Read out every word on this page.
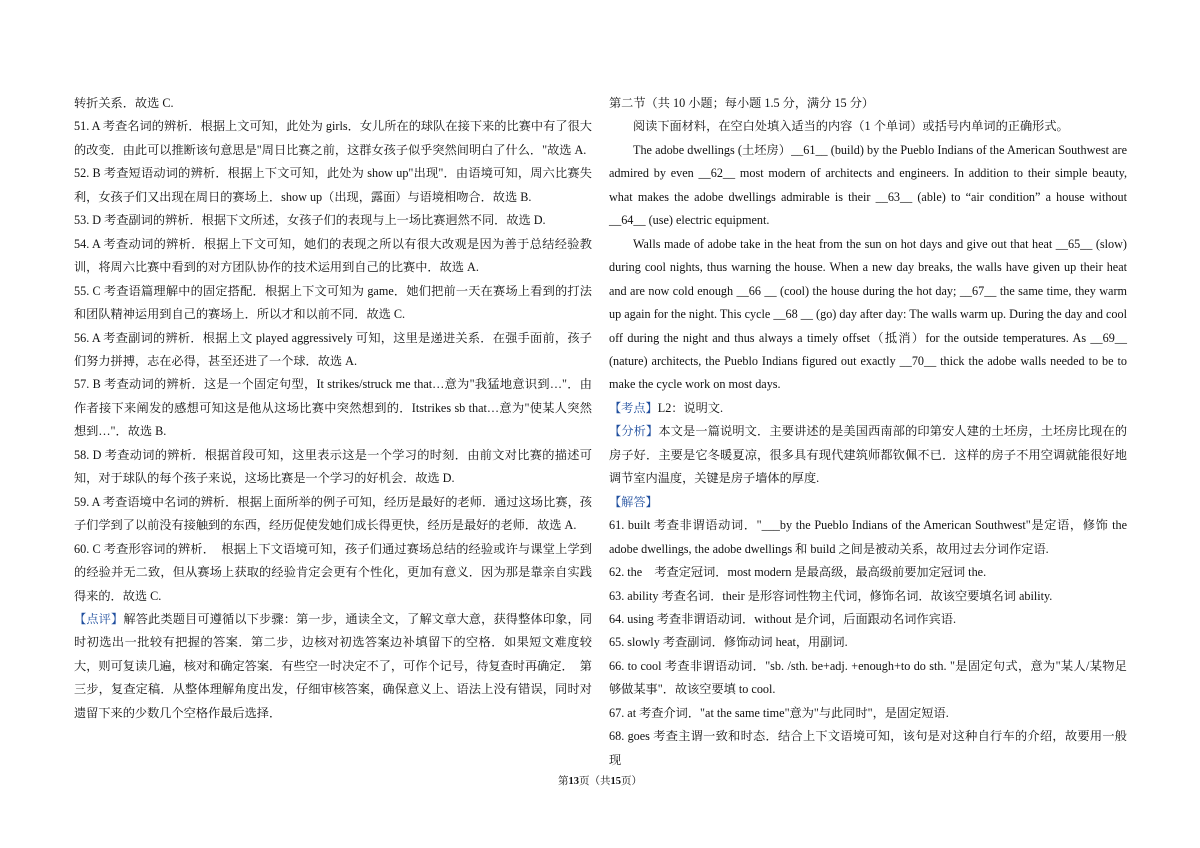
转折关系．故选 C.

51. A 考查名词的辨析．根据上文可知，此处为 girls．女儿所在的球队在接下来的比赛中有了很大的改变．由此可以推断该句意思是"周日比赛之前，这群女孩子似乎突然间明白了什么．"故选 A.

52. B 考查短语动词的辨析．根据上下文可知，此处为 show up"出现"．由语境可知，周六比赛失利，女孩子们又出现在周日的赛场上．show up（出现，露面）与语境相吻合．故选 B.

53. D 考查副词的辨析．根据下文所述，女孩子们的表现与上一场比赛迥然不同．故选 D.

54. A 考查动词的辨析．根据上下文可知，她们的表现之所以有很大改观是因为善于总结经验教训，将周六比赛中看到的对方团队协作的技术运用到自己的比赛中．故选 A.

55. C 考查语篇理解中的固定搭配．根据上下文可知为 game．她们把前一天在赛场上看到的打法和团队精神运用到自己的赛场上．所以才和以前不同．故选 C.

56. A 考查副词的辨析．根据上文 played aggressively 可知，这里是递进关系．在强手面前，孩子们努力拼搏，志在必得，甚至还进了一个球．故选 A.

57. B 考查动词的辨析．这是一个固定句型，It strikes/struck me that…意为"我猛地意识到…"．由作者接下来阐发的感想可知这是他从这场比赛中突然想到的．Itstrikes sb that…意为"使某人突然想到…"．故选 B.

58. D 考查动词的辨析．根据首段可知，这里表示这是一个学习的时刻．由前文对比赛的描述可知，对于球队的每个孩子来说，这场比赛是一个学习的好机会．故选 D.

59. A 考查语境中名词的辨析．根据上面所举的例子可知，经历是最好的老师．通过这场比赛，孩子们学到了以前没有接触到的东西，经历促使发她们成长得更快，经历是最好的老师．故选 A.

60. C 考查形容词的辨析．　根据上下文语境可知，孩子们通过赛场总结的经验或许与课堂上学到的经验并无二致，但从赛场上获取的经验肯定会更有个性化，更加有意义．因为那是靠亲自实践得来的．故选 C.

【点评】解答此类题目可遵循以下步骤：第一步，通读全文，了解文章大意，获得整体印象，同时初选出一批较有把握的答案．第二步，边核对初选答案边补填留下的空格．如果短文难度较大，则可复读几遍，核对和确定答案．有些空一时决定不了，可作个记号，待复查时再确定．　第三步，复查定稿．从整体理解角度出发，仔细审核答案，确保意义上、语法上没有错误，同时对遗留下来的少数几个空格作最后选择．

第二节（共 10 小题；每小题 1.5 分，满分 15 分）

阅读下面材料，在空白处填入适当的内容（1 个单词）或括号内单词的正确形式。

The adobe dwellings (土坯房）__61__ (build) by the Pueblo Indians of the American Southwest are admired by even __62__ most modern of architects and engineers. In addition to their simple beauty, what makes the adobe dwellings admirable is their __63__ (able) to “air condition” a house without __64__ (use) electric equipment.

Walls made of adobe take in the heat from the sun on hot days and give out that heat __65__ (slow) during cool nights, thus warning the house. When a new day breaks, the walls have given up their heat and are now cold enough __66 __ (cool) the house during the hot day; __67__ the same time, they warm up again for the night. This cycle __68 __ (go) day after day: The walls warm up. During the day and cool off during the night and thus always a timely offset（抵消）for the outside temperatures. As __69__ (nature) architects, the Pueblo Indians figured out exactly __70__ thick the adobe walls needed to be to make the cycle work on most days.

【考点】L2：说明文.

【分析】本文是一篇说明文．主要讲述的是美国西南部的印第安人建的土坯房，土坯房比现在的房子好．主要是它冬暖夏凉，很多具有现代建筑师都钦佩不已．这样的房子不用空调就能很好地调节室内温度，关键是房子墙体的厚度.

【解答】

61. built 考查非谓语动词．"___by the Pueblo Indians of the American Southwest"是定语，修饰 the adobe dwellings, the adobe dwellings 和 build 之间是被动关系，故用过去分词作定语.

62. the　考查定冠词．most modern 是最高级，最高级前要加定冠词 the.

63. ability 考查名词．their 是形容词性物主代词，修饰名词．故该空要填名词 ability.

64. using 考查非谓语动词．without 是介词，后面跟动名词作宾语.

65. slowly 考查副词．修饰动词 heat，用副词.

66. to cool 考查非谓语动词．"sb. /sth. be+adj. +enough+to do sth. "是固定句式，意为"某人/某物足够做某事"．故该空要填 to cool.

67. at 考查介词．"at the same time"意为"与此同时"，是固定短语.

68. goes 考查主谓一致和时态．结合上下文语境可知，该句是对这种自行车的介绍，故要用一般现

第13页（共15页）
